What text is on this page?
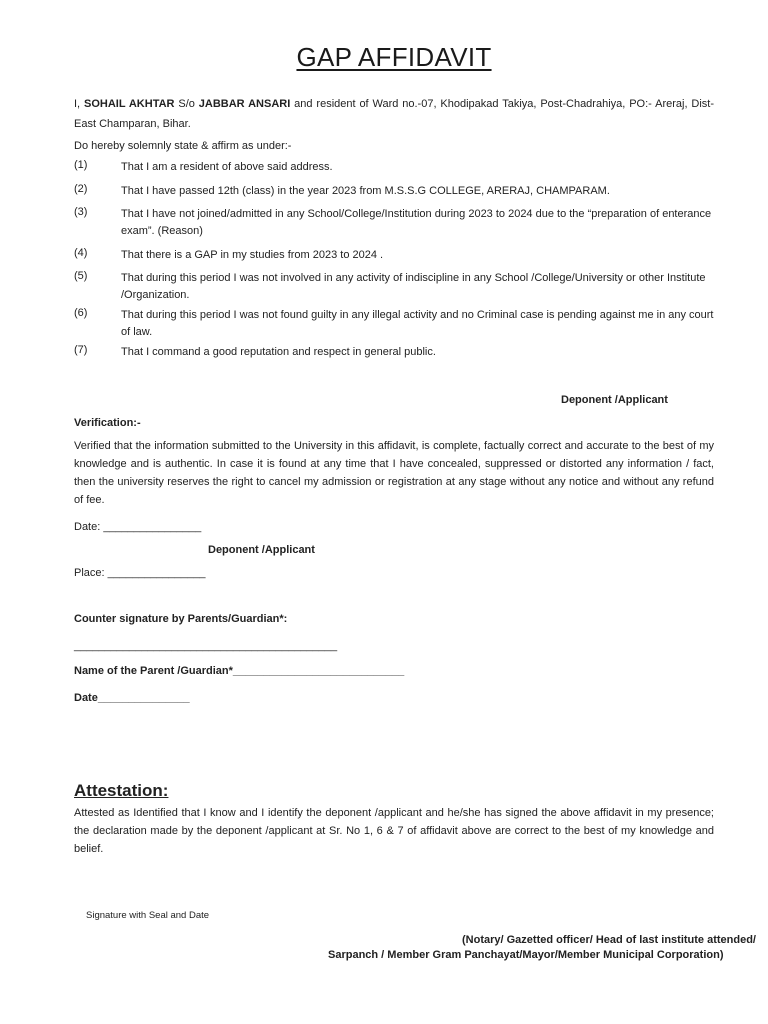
GAP AFFIDAVIT
I, SOHAIL AKHTAR S/o JABBAR ANSARI and resident of Ward no.-07, Khodipakad Takiya, Post-Chadrahiya, PO:- Areraj, Dist- East Champaran, Bihar.
Do hereby solemnly state & affirm as under:-
(1)	That I am a resident of above said address.
(2)	That I have passed 12th (class) in the year 2023 from M.S.S.G COLLEGE, ARERAJ, CHAMPARAM.
(3)	That I have not joined/admitted in any School/College/Institution during 2023 to 2024 due to the “preparation of enterance exam”. (Reason)
(4)	That there is a GAP in my studies from 2023 to 2024 .
(5)	That during this period I was not involved in any activity of indiscipline in any School /College/University or other Institute /Organization.
(6)	That during this period I was not found guilty in any illegal activity and no Criminal case is pending against me in any court of law.
(7)	That I command a good reputation and respect in general public.
Deponent /Applicant
Verification:-
Verified that the information submitted to the University in this affidavit, is complete, factually correct and accurate to the best of my knowledge and is authentic. In case it is found at any time that I have concealed, suppressed or distorted any information / fact, then the university reserves the right to cancel my admission or registration at any stage without any notice and without any refund of fee.
Date: ________________
Deponent /Applicant
Place: ________________
Counter signature by Parents/Guardian*:
___________________________________________
Name of the Parent /Guardian*____________________________
Date_______________
Attestation:
Attested as Identified that I know and I identify the deponent /applicant and he/she has signed the above affidavit in my presence; the declaration made by the deponent /applicant at Sr. No 1, 6 & 7 of affidavit above are correct to the best of my knowledge and belief.
Signature with Seal and Date
(Notary/ Gazetted officer/ Head of last institute attended/
Sarpanch / Member Gram Panchayat/Mayor/Member Municipal Corporation)
